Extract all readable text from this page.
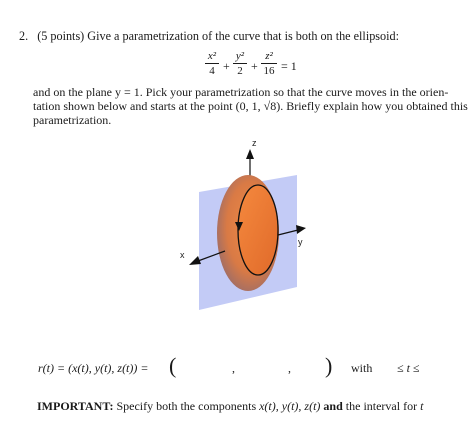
2. (5 points) Give a parametrization of the curve that is both on the ellipsoid:
x²
4 +
y²
2 +
z²
16 = 1
and on the plane y = 1. Pick your parametrization so that the curve moves in the orien-
tation shown below and starts at the point (0, 1, √8). Briefly explain how you obtained this
parametrization.
z
y
x
r(t) = (x(t), y(t), z(t)) = (	,	, ) with ≤ t ≤
IMPORTANT: Specify both the components x(t), y(t), z(t) and the interval for t
